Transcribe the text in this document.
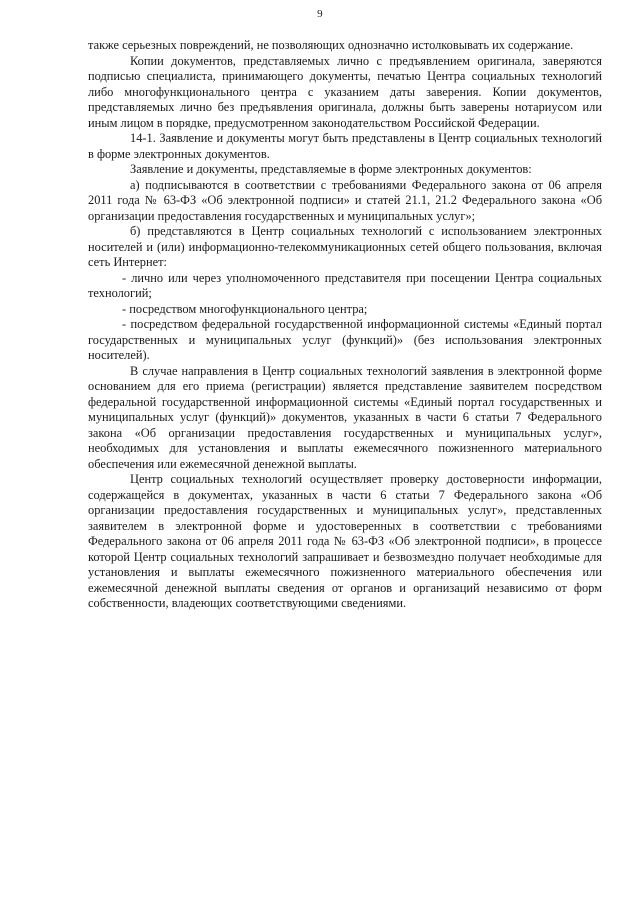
9

также серьезных повреждений, не позволяющих однозначно истолковывать их содержание.

Копии документов, представляемых лично с предъявлением оригинала, заверяются подписью специалиста, принимающего документы, печатью Центра социальных технологий либо многофункционального центра с указанием даты заверения. Копии документов, представляемых лично без предъявления оригинала, должны быть заверены нотариусом или иным лицом в порядке, предусмотренном законодательством Российской Федерации.

14-1. Заявление и документы могут быть представлены в Центр социальных технологий в форме электронных документов.

Заявление и документы, представляемые в форме электронных документов:

а) подписываются в соответствии с требованиями Федерального закона от 06 апреля 2011 года № 63-ФЗ «Об электронной подписи» и статей 21.1, 21.2 Федерального закона «Об организации предоставления государственных и муниципальных услуг»;

б) представляются в Центр социальных технологий с использованием электронных носителей и (или) информационно-телекоммуникационных сетей общего пользования, включая сеть Интернет:

- лично или через уполномоченного представителя при посещении Центра социальных технологий;

- посредством многофункционального центра;

- посредством федеральной государственной информационной системы «Единый портал государственных и муниципальных услуг (функций)» (без использования электронных носителей).

В случае направления в Центр социальных технологий заявления в электронной форме основанием для его приема (регистрации) является представление заявителем посредством федеральной государственной информационной системы «Единый портал государственных и муниципальных услуг (функций)» документов, указанных в части 6 статьи 7 Федерального закона «Об организации предоставления государственных и муниципальных услуг», необходимых для установления и выплаты ежемесячного пожизненного материального обеспечения или ежемесячной денежной выплаты.

Центр социальных технологий осуществляет проверку достоверности информации, содержащейся в документах, указанных в части 6 статьи 7 Федерального закона «Об организации предоставления государственных и муниципальных услуг», представленных заявителем в электронной форме и удостоверенных в соответствии с требованиями Федерального закона от 06 апреля 2011 года № 63-ФЗ «Об электронной подписи», в процессе которой Центр социальных технологий запрашивает и безвозмездно получает необходимые для установления и выплаты ежемесячного пожизненного материального обеспечения или ежемесячной денежной выплаты сведения от органов и организаций независимо от форм собственности, владеющих соответствующими сведениями.
